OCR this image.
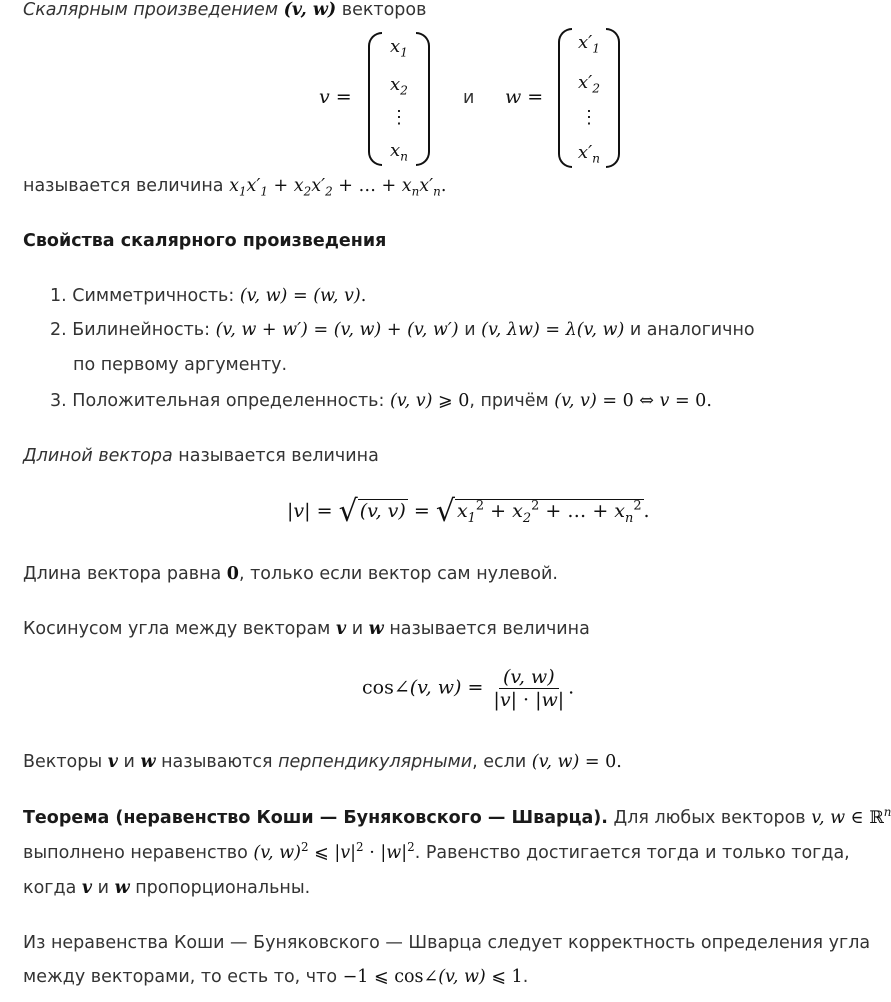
Скалярным произведением (v, w) векторов
v =
$x_1$
$x_2$
⋮
$x_n$
и w =
$x'_1$
$x'_2$
⋮
$x'_n$
называется величина $x_1x'_1 + x_2x'_2$ + … + $x_nx'_n$.
Свойства скалярного произведения
1. Симметричность: (v, w) = (w, v).
2. Билинейность: (v, w + w′) = (v, w) + (v, w′) и (v, λw) = λ(v, w) и аналогично
по первому аргументу.
3. Положительная определенность: (v, v) ⩾ 0, причём (v, v) = 0 ⇔ v = 0.
Длиной вектора называется величина
|v| = √ (v, v) = √ $x_1^2 + x_2^2$ + … + $x_n^2$ .
Длина вектора равна 0, только если вектор сам нулевой.
Косинусом угла между векторам v и w называется величина
cos∠(v, $w) = \frac{(v, w)}{|v| \cdot |w|}$ .
Векторы v и w называются перпендикулярными, если (v, w) = 0.
Теорема (неравенство Коши — Буняковского — Шварца). Для любых векторов v, w ∈ ℝ$^n$
выполнено неравенство (v, w)$^2$ ⩽ $|v|^2 \cdot |w|^2$. Равенство достигается тогда и только тогда,
когда v и w пропорциональны.
Из неравенства Коши — Буняковского — Шварца следует корректность определения угла
между векторами, то есть то, что −1 ⩽ cos∠(v, w) ⩽ 1.
